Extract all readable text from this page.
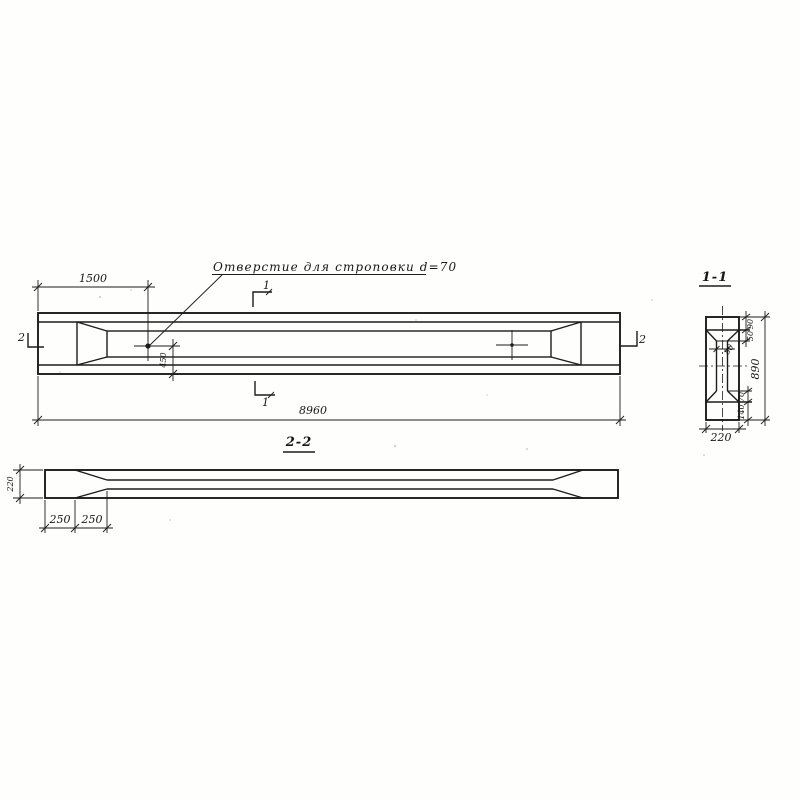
Отверстие для строповки d=70
1500
450
8960
1
1
2	2
1-1
80
90
50
70
140
890
220
2-2
220
250 250
